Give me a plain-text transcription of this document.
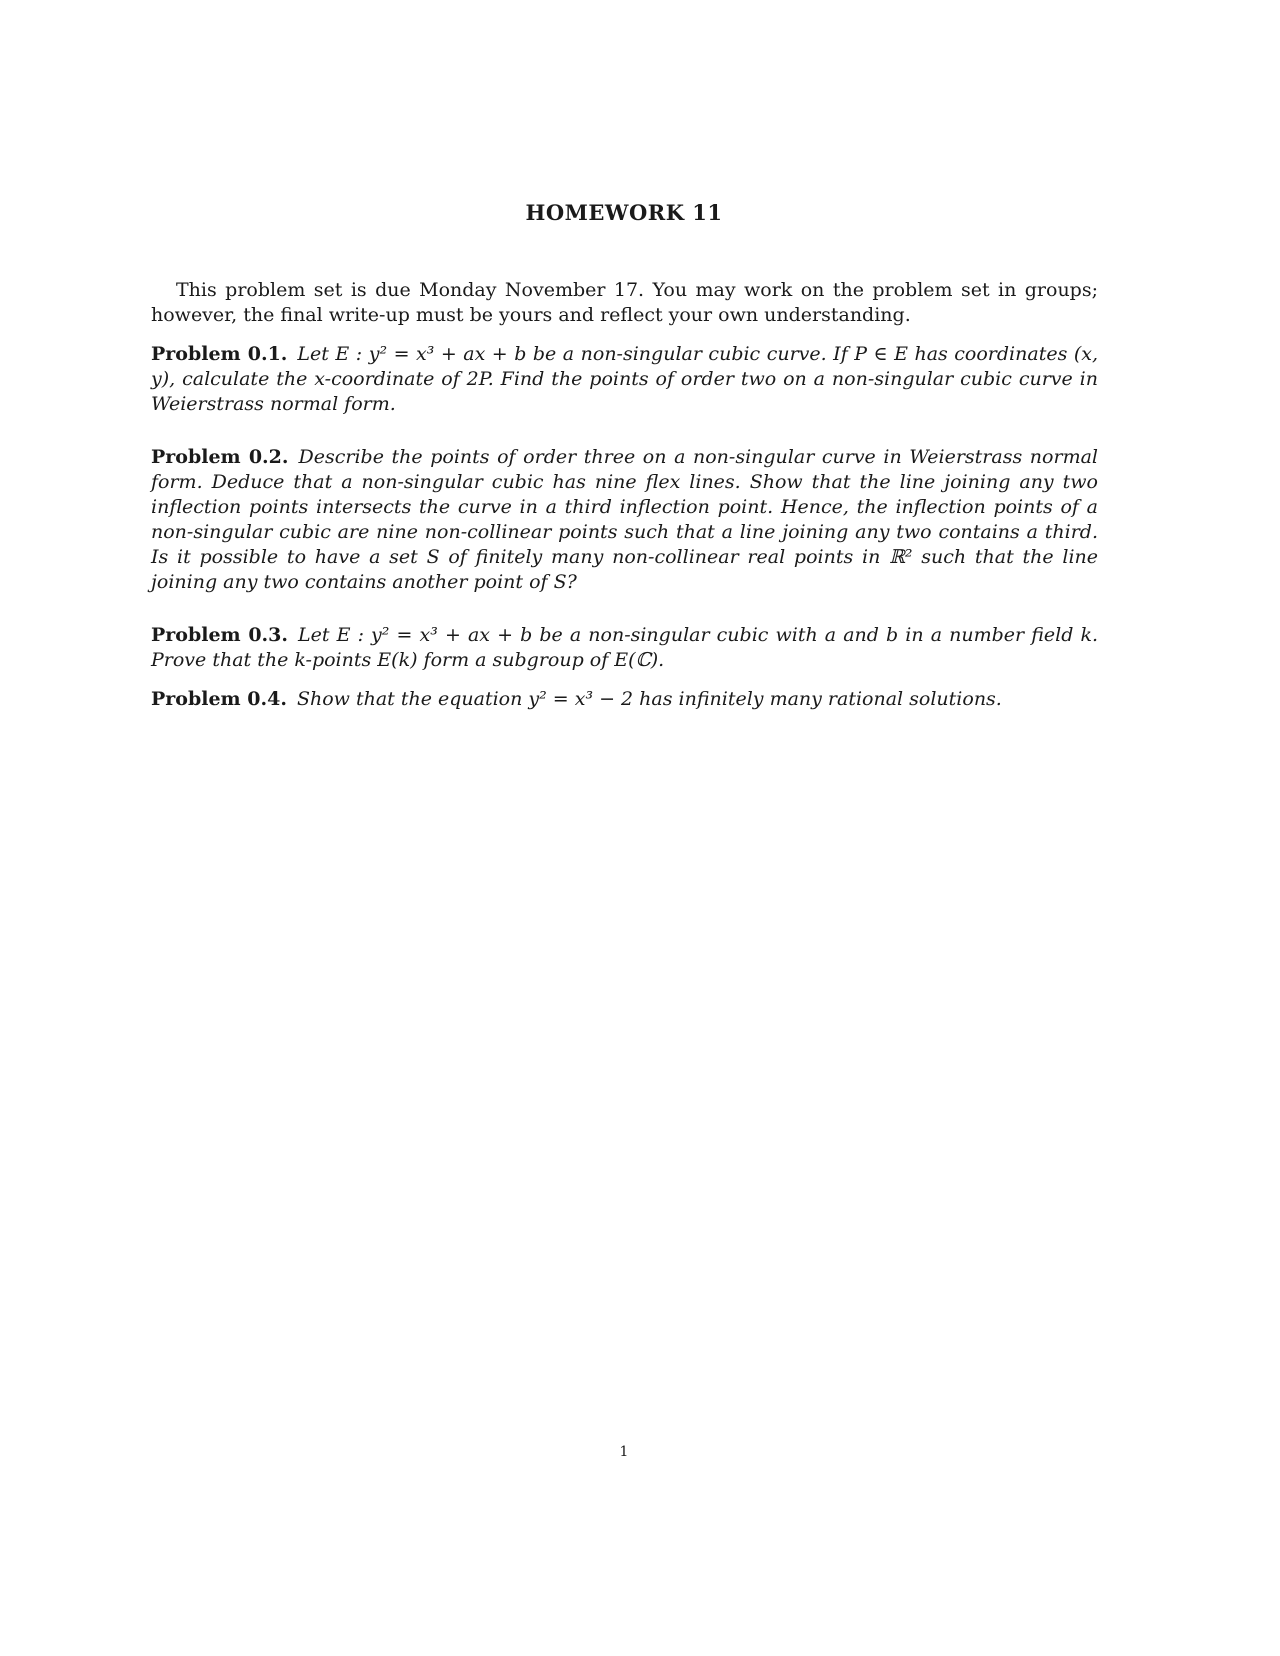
HOMEWORK 11

This problem set is due Monday November 17. You may work on the problem set in groups; however, the final write-up must be yours and reflect your own understanding.

Problem 0.1. Let E : y² = x³ + ax + b be a non-singular cubic curve. If P ∈ E has coordinates (x, y), calculate the x-coordinate of 2P. Find the points of order two on a non-singular cubic curve in Weierstrass normal form.

Problem 0.2. Describe the points of order three on a non-singular curve in Weierstrass normal form. Deduce that a non-singular cubic has nine flex lines. Show that the line joining any two inflection points intersects the curve in a third inflection point. Hence, the inflection points of a non-singular cubic are nine non-collinear points such that a line joining any two contains a third. Is it possible to have a set S of finitely many non-collinear real points in ℝ² such that the line joining any two contains another point of S?

Problem 0.3. Let E : y² = x³ + ax + b be a non-singular cubic with a and b in a number field k. Prove that the k-points E(k) form a subgroup of E(ℂ).

Problem 0.4. Show that the equation y² = x³ − 2 has infinitely many rational solutions.

1
